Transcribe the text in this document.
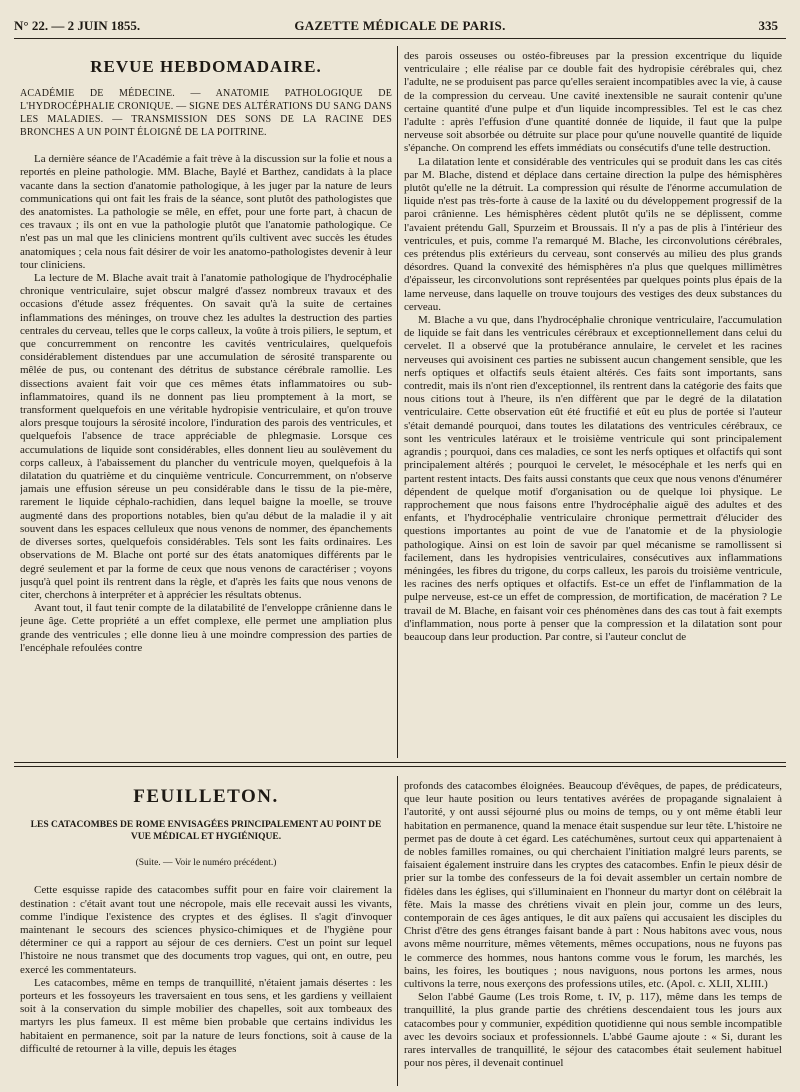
N° 22. — 2 JUIN 1855.	GAZETTE MÉDICALE DE PARIS.	335
REVUE HEBDOMADAIRE.
ACADÉMIE DE MÉDECINE. — ANATOMIE PATHOLOGIQUE DE L'HYDROCÉPHALIE CRONIQUE. — SIGNE DES ALTÉRATIONS DU SANG DANS LES MALADIES. — TRANSMISSION DES SONS DE LA RACINE DES BRONCHES A UN POINT ÉLOIGNÉ DE LA POITRINE.

La dernière séance de l'Académie a fait trève à la discussion sur la folie et nous a reportés en pleine pathologie. MM. Blache, Baylé et Barthez, candidats à la place vacante dans la section d'anatomie pathologique, à les juger par la nature de leurs communications qui ont fait les frais de la séance, sont plutôt des pathologistes que des anatomistes. La pathologie se mêle, en effet, pour une forte part, à chacun de ces travaux ; ils ont en vue la pathologie plutôt que l'anatomie pathologique. Ce n'est pas un mal que les cliniciens montrent qu'ils cultivent avec succès les études anatomiques ; cela nous fait désirer de voir les anatomo-pathologistes devenir à leur tour cliniciens.

La lecture de M. Blache avait trait à l'anatomie pathologique de l'hydrocéphalie chronique ventriculaire, sujet obscur malgré d'assez nombreux travaux et des occasions d'étude assez fréquentes. On savait qu'à la suite de certaines inflammations des méninges, on trouve chez les adultes la destruction des parties centrales du cerveau, telles que le corps calleux, la voûte à trois piliers, le septum, et que concurremment on rencontre les cavités ventriculaires, quelquefois considérablement distendues par une accumulation de sérosité transparente ou mêlée de pus, ou contenant des détritus de substance cérébrale ramollie. Les dissections avaient fait voir que ces mêmes états inflammatoires ou sub-inflammatoires, quand ils ne donnent pas lieu promptement à la mort, se transforment quelquefois en une véritable hydropisie ventriculaire, et qu'on trouve alors presque toujours la sérosité incolore, l'induration des parois des ventricules, et quelquefois l'absence de trace appréciable de phlegmasie. Lorsque ces accumulations de liquide sont considérables, elles donnent lieu au soulèvement du corps calleux, à l'abaissement du plancher du ventricule moyen, quelquefois à la dilatation du quatrième et du cinquième ventricule. Concurremment, on n'observe jamais une effusion séreuse un peu considérable dans le tissu de la pie-mère, rarement le liquide céphalo-rachidien, dans lequel baigne la moelle, se trouve augmenté dans des proportions notables, bien qu'au début de la maladie il y ait souvent dans les espaces celluleux que nous venons de nommer, des épanchements de diverses sortes, quelquefois considérables. Tels sont les faits ordinaires. Les observations de M. Blache ont porté sur des états anatomiques différents par le degré seulement et par la forme de ceux que nous venons de caractériser ; voyons jusqu'à quel point ils rentrent dans la règle, et d'après les faits que nous venons de citer, cherchons à interpréter et à apprécier les résultats obtenus.

Avant tout, il faut tenir compte de la dilatabilité de l'enveloppe crânienne dans le jeune âge. Cette propriété a un effet complexe, elle permet une ampliation plus grande des ventricules ; elle donne lieu à une moindre compression des parties de l'encéphale refoulées contre

des parois osseuses ou ostéo-fibreuses par la pression excentrique du liquide ventriculaire ; elle réalise par ce double fait des hydropisie cérébrales qui, chez l'adulte, ne se produisent pas parce qu'elles seraient incompatibles avec la vie, à cause de la compression du cerveau. Une cavité inextensible ne saurait contenir qu'une certaine quantité d'une pulpe et d'un liquide incompressibles. Tel est le cas chez l'adulte : après l'effusion d'une quantité donnée de liquide, il faut que la pulpe nerveuse soit absorbée ou détruite sur place pour qu'une nouvelle quantité de liquide s'épanche. On comprend les effets immédiats ou consécutifs d'une telle destruction.

La dilatation lente et considérable des ventricules qui se produit dans les cas cités par M. Blache, distend et déplace dans certaine direction la pulpe des hémisphères plutôt qu'elle ne la détruit. La compression qui résulte de l'énorme accumulation de liquide n'est pas très-forte à cause de la laxité ou du développement progressif de la paroi crânienne. Les hémisphères cèdent plutôt qu'ils ne se déplissent, comme l'avaient prétendu Gall, Spurzeim et Broussais. Il n'y a pas de plis à l'intérieur des ventricules, et puis, comme l'a remarqué M. Blache, les circonvolutions cérébrales, ces prétendus plis extérieurs du cerveau, sont conservés au milieu des plus grands désordres. Quand la convexité des hémisphères n'a plus que quelques millimètres d'épaisseur, les circonvolutions sont représentées par quelques points plus épais de la lame nerveuse, dans laquelle on trouve toujours des vestiges des deux substances du cerveau.

M. Blache a vu que, dans l'hydrocéphalie chronique ventriculaire, l'accumulation de liquide se fait dans les ventricules cérébraux et exceptionnellement dans celui du cervelet. Il a observé que la protubérance annulaire, le cervelet et les racines nerveuses qui avoisinent ces parties ne subissent aucun changement sensible, que les nerfs optiques et olfactifs seuls étaient altérés. Ces faits sont importants, sans contredit, mais ils n'ont rien d'exceptionnel, ils rentrent dans la catégorie des faits que nous citions tout à l'heure, ils n'en diffèrent que par le degré de la dilatation ventriculaire. Cette observation eût été fructifié et eût eu plus de portée si l'auteur s'était demandé pourquoi, dans toutes les dilatations des ventricules cérébraux, ce sont les ventricules latéraux et le troisième ventricule qui sont principalement agrandis ; pourquoi, dans ces maladies, ce sont les nerfs optiques et olfactifs qui sont principalement altérés ; pourquoi le cervelet, le mésocéphale et les nerfs qui en partent restent intacts. Des faits aussi constants que ceux que nous venons d'énumérer dépendent de quelque motif d'organisation ou de quelque loi physique. Le rapprochement que nous faisons entre l'hydrocéphalie aiguë des adultes et des enfants, et l'hydrocéphalie ventriculaire chronique permettrait d'élucider des questions importantes au point de vue de l'anatomie et de la physiologie pathologique. Ainsi on est loin de savoir par quel mécanisme se ramollissent si facilement, dans les hydropisies ventriculaires, consécutives aux inflammations méningées, les fibres du trigone, du corps calleux, les parois du troisième ventricule, les racines des nerfs optiques et olfactifs. Est-ce un effet de l'inflammation de la pulpe nerveuse, est-ce un effet de compression, de mortification, de macération ? Le travail de M. Blache, en faisant voir ces phénomènes dans des cas tout à fait exempts d'inflammation, nous porte à penser que la compression et la dilatation sont pour beaucoup dans leur production. Par contre, si l'auteur conclut de

FEUILLETON.
LES CATACOMBES DE ROME ENVISAGÉES PRINCIPALEMENT AU POINT DE VUE MÉDICAL ET HYGIÉNIQUE.
(Suite. — Voir le numéro précédent.)

Cette esquisse rapide des catacombes suffit pour en faire voir clairement la destination : c'était avant tout une nécropole, mais elle recevait aussi les vivants, comme l'indique l'existence des cryptes et des églises. Il s'agit d'invoquer maintenant le secours des sciences physico-chimiques et de l'hygiène pour déterminer ce qui a rapport au séjour de ces derniers. C'est un point sur lequel l'histoire ne nous transmet que des documents trop vagues, qui ont, en outre, peu exercé les commentateurs.

Les catacombes, même en temps de tranquillité, n'étaient jamais désertes : les porteurs et les fossoyeurs les traversaient en tous sens, et les gardiens y veillaient soit à la conservation du simple mobilier des chapelles, soit aux tombeaux des martyrs les plus fameux. Il est même bien probable que certains individus les habitaient en permanence, soit par la nature de leurs fonctions, soit à cause de la difficulté de retourner à la ville, depuis les étages

profonds des catacombes éloignées. Beaucoup d'évêques, de papes, de prédicateurs, que leur haute position ou leurs tentatives avérées de propagande signalaient à l'autorité, y ont aussi séjourné plus ou moins de temps, ou y ont même établi leur habitation en permanence, quand la menace était suspendue sur leur tête. L'histoire ne permet pas de doute à cet égard. Les catéchumènes, surtout ceux qui appartenaient à de nobles familles romaines, ou qui cherchaient l'initiation malgré leurs parents, se faisaient également instruire dans les cryptes des catacombes. Enfin le pieux désir de prier sur la tombe des confesseurs de la foi devait assembler un certain nombre de fidèles dans les églises, qui s'illuminaient en l'honneur du martyr dont on célébrait la fête. Mais la masse des chrétiens vivait en plein jour, comme un des leurs, contemporain de ces âges antiques, le dit aux païens qui accusaient les disciples du Christ d'être des gens étranges faisant bande à part : Nous habitons avec vous, nous avons même nourriture, mêmes vêtements, mêmes occupations, nous ne fuyons pas le commerce des hommes, nous hantons comme vous le forum, les marchés, les bains, les foires, les boutiques ; nous naviguons, nous portons les armes, nous cultivons la terre, nous exerçons des professions utiles, etc. (Apol. c. XLII, XLIII.)

Selon l'abbé Gaume (Les trois Rome, t. IV, p. 117), même dans les temps de tranquillité, la plus grande partie des chrétiens descendaient tous les jours aux catacombes pour y communier, expédition quotidienne qui nous semble incompatible avec les devoirs sociaux et professionnels. L'abbé Gaume ajoute : « Si, durant les rares intervalles de tranquillité, le séjour des catacombes était seulement habituel pour nos pères, il devenait continuel
